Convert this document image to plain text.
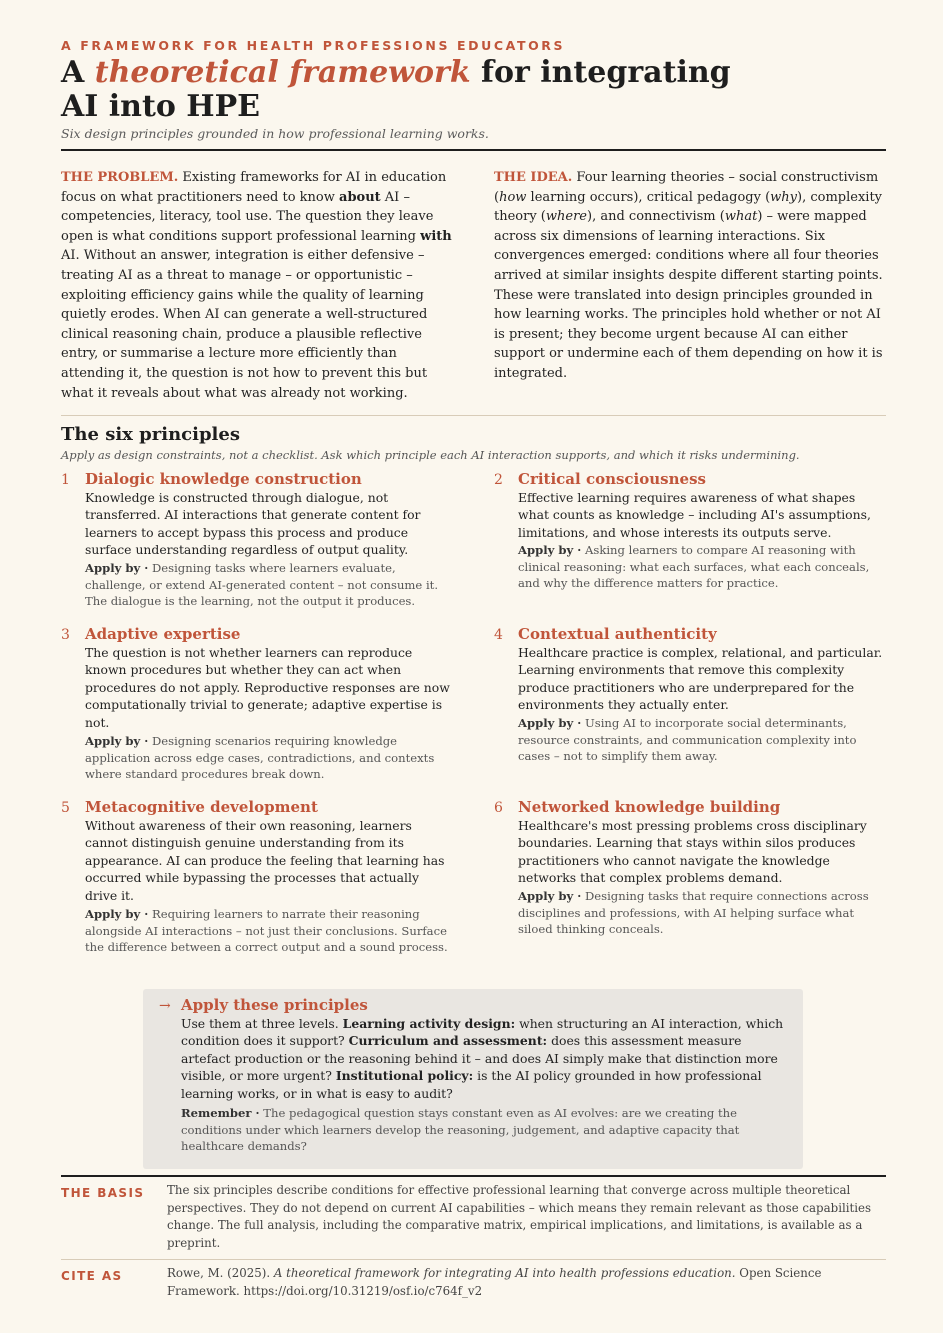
A FRAMEWORK FOR HEALTH PROFESSIONS EDUCATORS
A theoretical framework for integrating AI into HPE
Six design principles grounded in how professional learning works.
THE PROBLEM. Existing frameworks for AI in education focus on what practitioners need to know about AI – competencies, literacy, tool use. The question they leave open is what conditions support professional learning with AI. Without an answer, integration is either defensive – treating AI as a threat to manage – or opportunistic – exploiting efficiency gains while the quality of learning quietly erodes. When AI can generate a well-structured clinical reasoning chain, produce a plausible reflective entry, or summarise a lecture more efficiently than attending it, the question is not how to prevent this but what it reveals about what was already not working.
THE IDEA. Four learning theories – social constructivism (how learning occurs), critical pedagogy (why), complexity theory (where), and connectivism (what) – were mapped across six dimensions of learning interactions. Six convergences emerged: conditions where all four theories arrived at similar insights despite different starting points. These were translated into design principles grounded in how learning works. The principles hold whether or not AI is present; they become urgent because AI can either support or undermine each of them depending on how it is integrated.
The six principles
Apply as design constraints, not a checklist. Ask which principle each AI interaction supports, and which it risks undermining.
1 Dialogic knowledge construction
Knowledge is constructed through dialogue, not transferred. AI interactions that generate content for learners to accept bypass this process and produce surface understanding regardless of output quality.
Apply by · Designing tasks where learners evaluate, challenge, or extend AI-generated content – not consume it. The dialogue is the learning, not the output it produces.
2 Critical consciousness
Effective learning requires awareness of what shapes what counts as knowledge – including AI's assumptions, limitations, and whose interests its outputs serve.
Apply by · Asking learners to compare AI reasoning with clinical reasoning: what each surfaces, what each conceals, and why the difference matters for practice.
3 Adaptive expertise
The question is not whether learners can reproduce known procedures but whether they can act when procedures do not apply. Reproductive responses are now computationally trivial to generate; adaptive expertise is not.
Apply by · Designing scenarios requiring knowledge application across edge cases, contradictions, and contexts where standard procedures break down.
4 Contextual authenticity
Healthcare practice is complex, relational, and particular. Learning environments that remove this complexity produce practitioners who are underprepared for the environments they actually enter.
Apply by · Using AI to incorporate social determinants, resource constraints, and communication complexity into cases – not to simplify them away.
5 Metacognitive development
Without awareness of their own reasoning, learners cannot distinguish genuine understanding from its appearance. AI can produce the feeling that learning has occurred while bypassing the processes that actually drive it.
Apply by · Requiring learners to narrate their reasoning alongside AI interactions – not just their conclusions. Surface the difference between a correct output and a sound process.
6 Networked knowledge building
Healthcare's most pressing problems cross disciplinary boundaries. Learning that stays within silos produces practitioners who cannot navigate the knowledge networks that complex problems demand.
Apply by · Designing tasks that require connections across disciplines and professions, with AI helping surface what siloed thinking conceals.
→ Apply these principles
Use them at three levels. Learning activity design: when structuring an AI interaction, which condition does it support? Curriculum and assessment: does this assessment measure artefact production or the reasoning behind it – and does AI simply make that distinction more visible, or more urgent? Institutional policy: is the AI policy grounded in how professional learning works, or in what is easy to audit?
Remember · The pedagogical question stays constant even as AI evolves: are we creating the conditions under which learners develop the reasoning, judgement, and adaptive capacity that healthcare demands?
THE BASIS The six principles describe conditions for effective professional learning that converge across multiple theoretical perspectives. They do not depend on current AI capabilities – which means they remain relevant as those capabilities change. The full analysis, including the comparative matrix, empirical implications, and limitations, is available as a preprint.
CITE AS	Rowe, M. (2025). A theoretical framework for integrating AI into health professions education. Open Science Framework. https://doi.org/10.31219/osf.io/c764f_v2
